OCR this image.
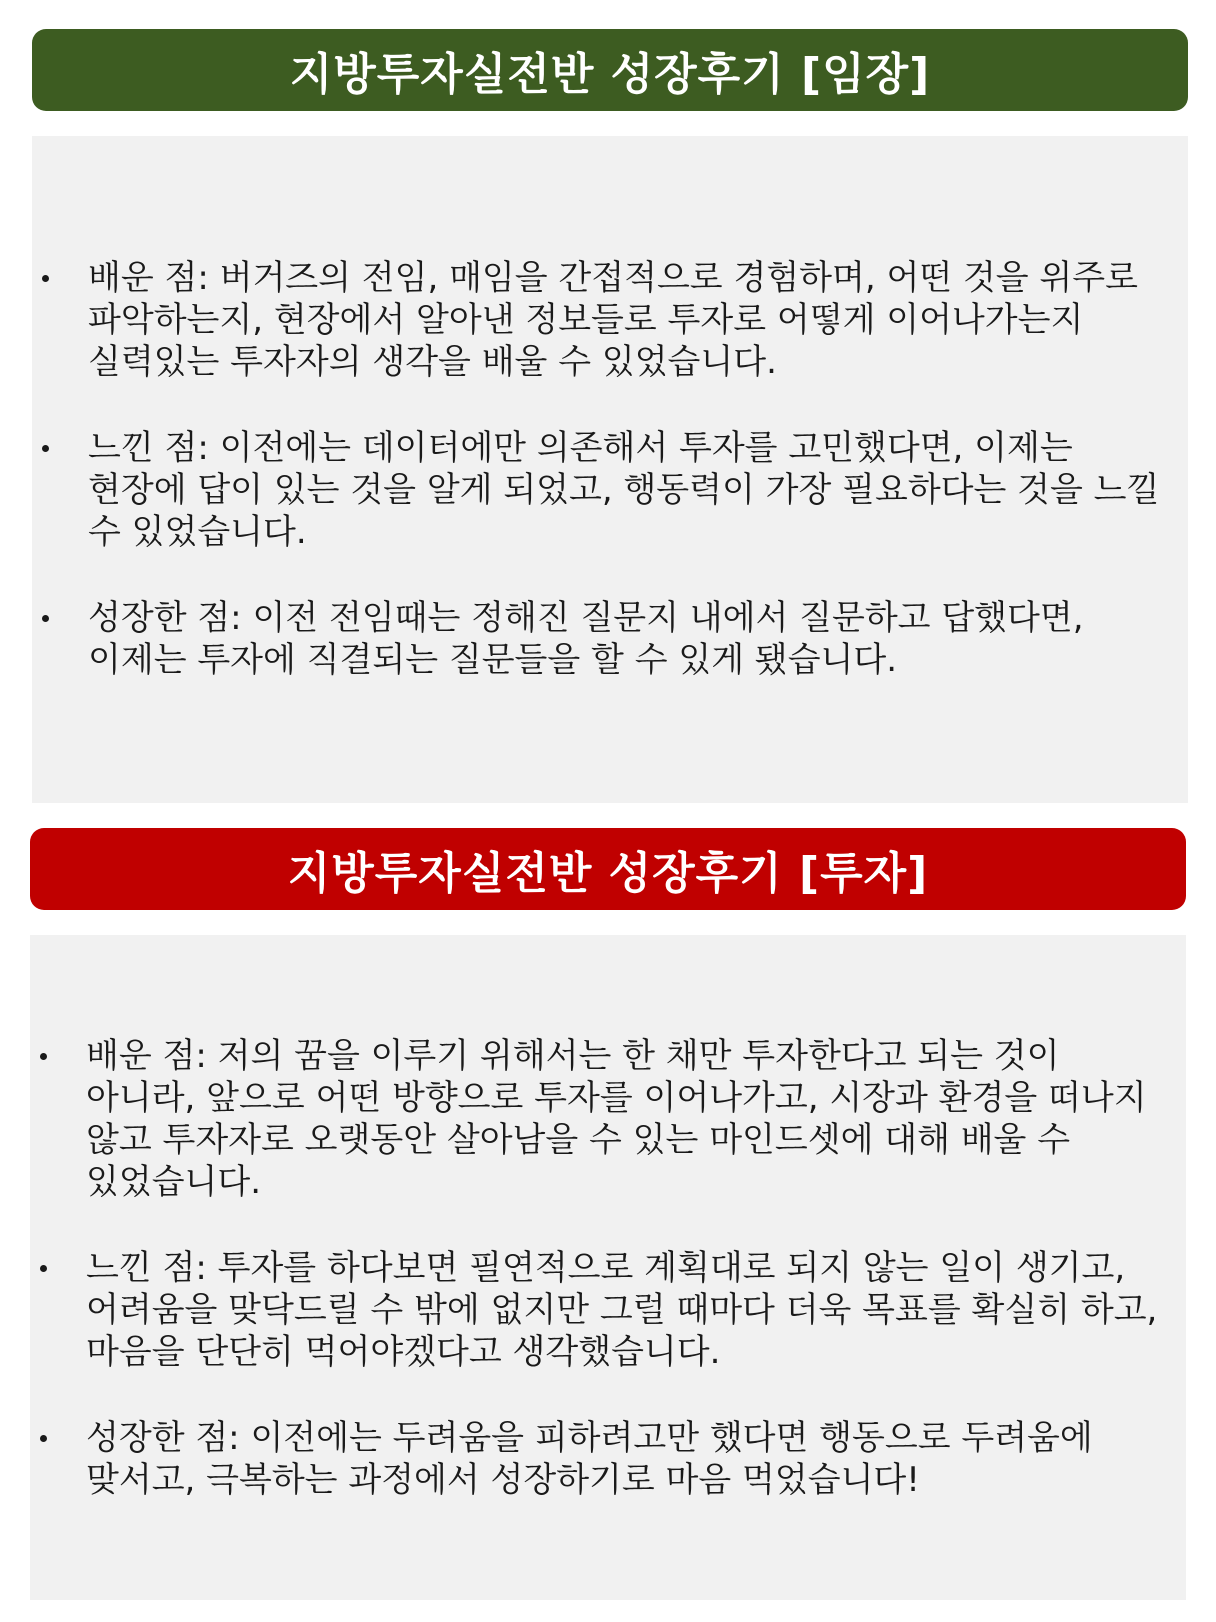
지방투자실전반 성장후기 [임장]
배운 점: 버거즈의 전임, 매임을 간접적으로 경험하며, 어떤 것을 위주로 파악하는지, 현장에서 알아낸 정보들로 투자로 어떻게 이어나가는지 실력있는 투자자의 생각을 배울 수 있었습니다.
느낀 점: 이전에는 데이터에만 의존해서 투자를 고민했다면, 이제는 현장에 답이 있는 것을 알게 되었고, 행동력이 가장 필요하다는 것을 느낄 수 있었습니다.
성장한 점: 이전 전임때는 정해진 질문지 내에서 질문하고 답했다면, 이제는 투자에 직결되는 질문들을 할 수 있게 됐습니다.
지방투자실전반 성장후기 [투자]
배운 점: 저의 꿈을 이루기 위해서는 한 채만 투자한다고 되는 것이 아니라, 앞으로 어떤 방향으로 투자를 이어나가고, 시장과 환경을 떠나지 않고 투자자로 오랫동안 살아남을 수 있는 마인드셋에 대해 배울 수 있었습니다.
느낀 점: 투자를 하다보면 필연적으로 계획대로 되지 않는 일이 생기고, 어려움을 맞닥드릴 수 밖에 없지만 그럴 때마다 더욱 목표를 확실히 하고, 마음을 단단히 먹어야겠다고 생각했습니다.
성장한 점: 이전에는 두려움을 피하려고만 했다면 행동으로 두려움에 맞서고, 극복하는 과정에서 성장하기로 마음 먹었습니다!
